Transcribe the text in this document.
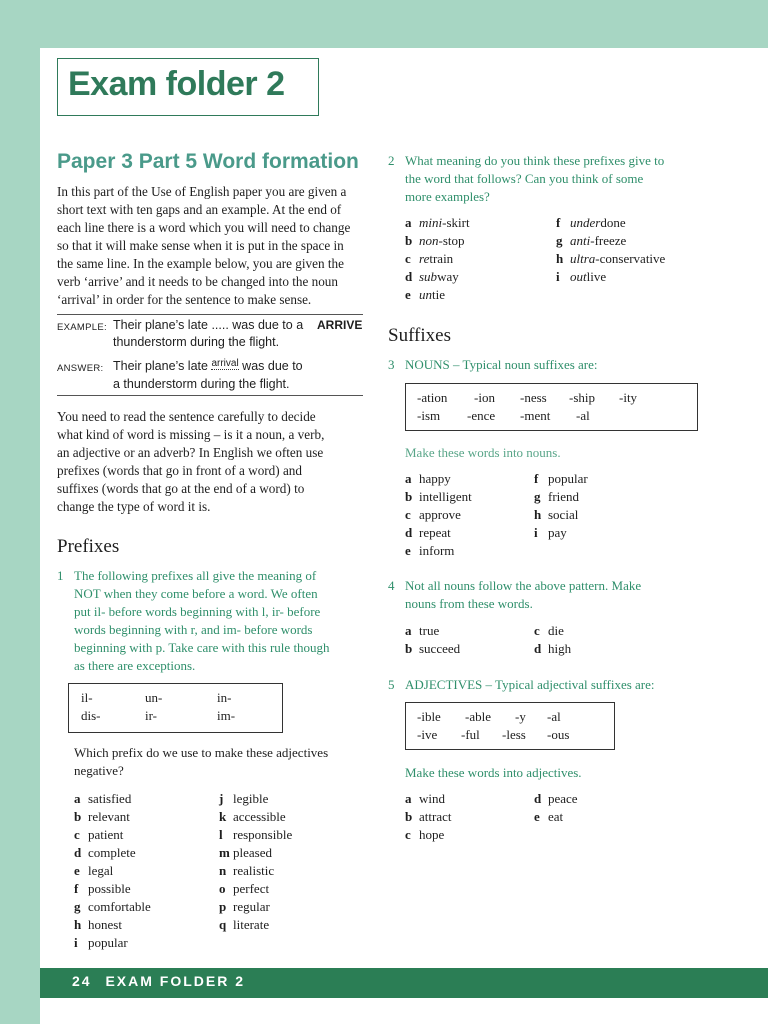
Exam folder 2
Paper 3 Part 5 Word formation
In this part of the Use of English paper you are given a
short text with ten gaps and an example. At the end of
each line there is a word which you will need to change
so that it will make sense when it is put in the space in
the same line. In the example below, you are given the
verb ‘arrive’ and it needs to be changed into the noun
‘arrival’ in order for the sentence to make sense.
EXAMPLE: Their plane’s late ..... was due to a
thunderstorm during the flight.
ARRIVE
ANSWER: Their plane’s late $^{arrival}$ was due to
a thunderstorm during the flight.
You need to read the sentence carefully to decide
what kind of word is missing – is it a noun, a verb,
an adjective or an adverb? In English we often use
prefixes (words that go in front of a word) and
suffixes (words that go at the end of a word) to
change the type of word it is.
Prefixes
1 The following prefixes all give the meaning of
NOT when they come before a word. We often
put il- before words beginning with l, ir- before
words beginning with r, and im- before words
beginning with p. Take care with this rule though
as there are exceptions.
il-	un-	in-
dis-	ir-	im-
Which prefix do we use to make these adjectives
negative?
a satisfied
b relevant
c patient
d complete
e legal
f possible
g comfortable
h honest
i popular
j legible
k accessible
l responsible
m pleased
n realistic
o perfect
p regular
q literate
2 What meaning do you think these prefixes give to
the word that follows? Can you think of some
more examples?
a mini-skirt
b non-stop
c retrain
d subway
e untie
f underdone
g anti-freeze
h ultra-conservative
i outlive
Suffixes
3 NOUNS – Typical noun suffixes are:
-ation -ion -ness -ship -ity
-ism -ence -ment -al
Make these words into nouns.
a happy
b intelligent
c approve
d repeat
e inform
f popular
g friend
h social
i pay
4 Not all nouns follow the above pattern. Make
nouns from these words.
a true
b succeed
c die
d high
5 ADJECTIVES – Typical adjectival suffixes are:
-ible -able -y -al
-ive -ful -less -ous
Make these words into adjectives.
a wind
b attract
c hope
d peace
e eat
24 EXAM FOLDER 2
